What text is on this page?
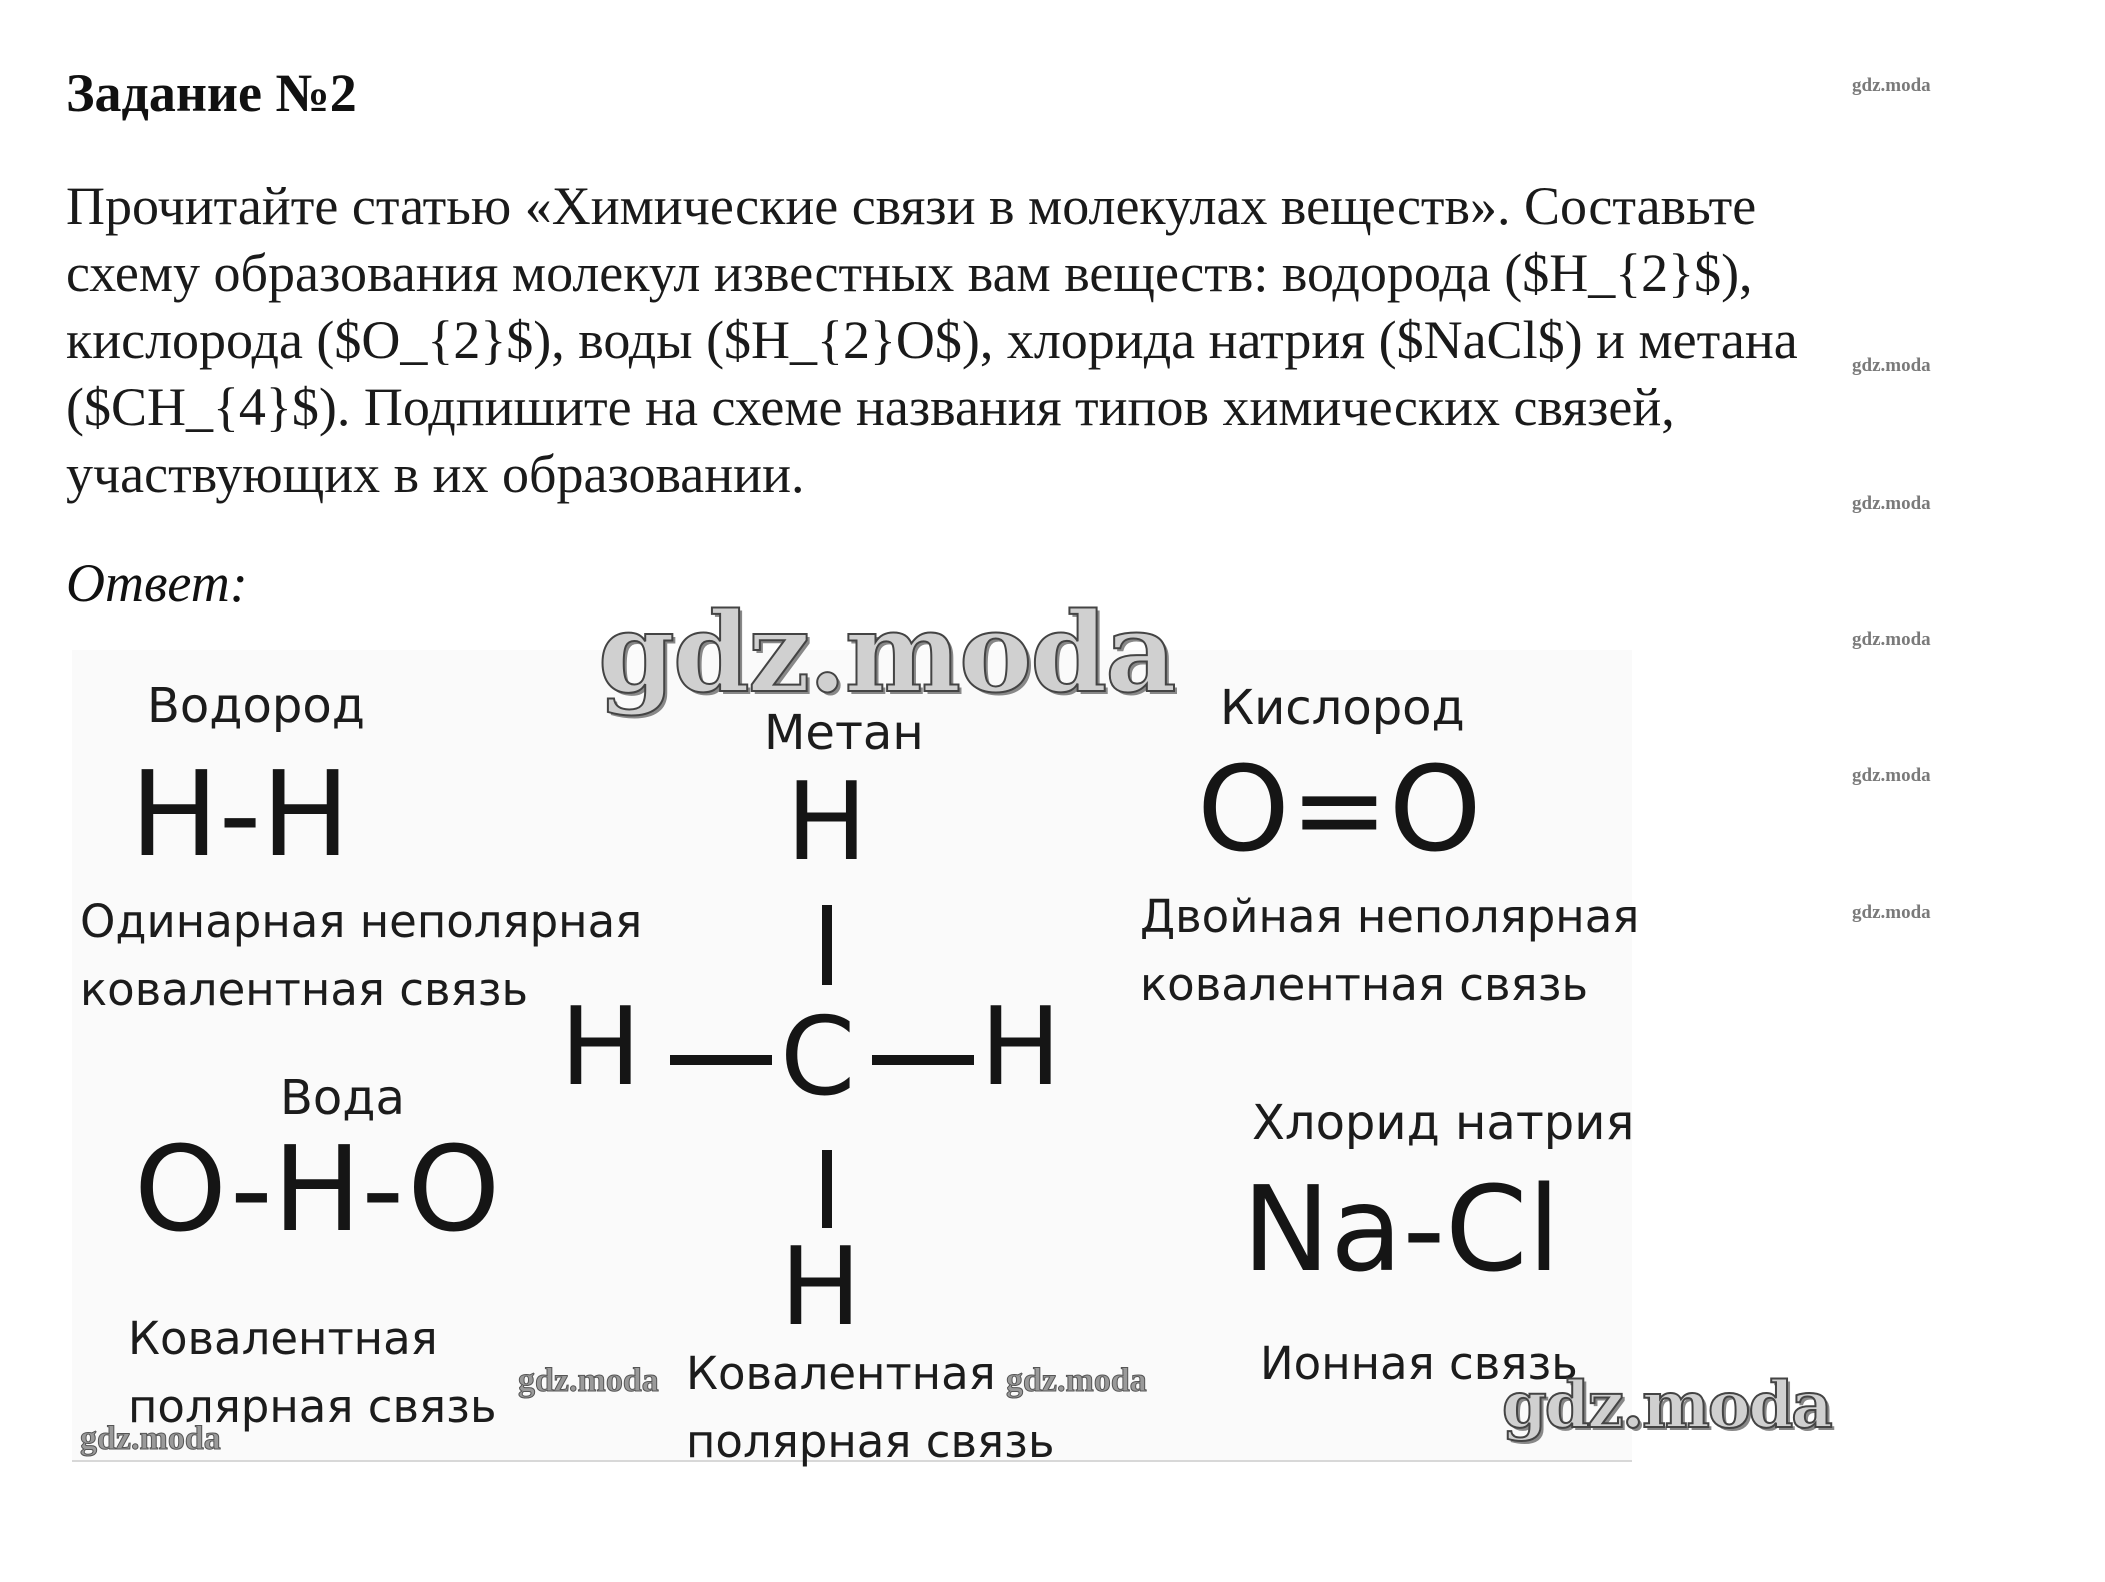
Задание №2
Прочитайте статью «Химические связи в молекулах веществ». Составьте
схему образования молекул известных вам веществ: водорода ($H_{2}$),
кислорода ($O_{2}$), воды ($H_{2}O$), хлорида натрия ($NaCl$) и метана
($CH_{4}$). Подпишите на схеме названия типов химических связей,
участвующих в их образовании.
Ответ:
gdz.moda
gdz.moda
gdz.moda
gdz.moda
gdz.moda
gdz.moda
Водород
H-H
Одинарная неполярная
ковалентная связь
Метан
H
H C H
H
Ковалентная
полярная связь
Кислород
O=O
Двойная неполярная
ковалентная связь
Вода
O-H-O
Ковалентная
полярная связь
Хлорид натрия
Na-Cl
Ионная связь
gdz.moda
gdz.moda
gdz.moda	gdz.moda
gdz.moda
